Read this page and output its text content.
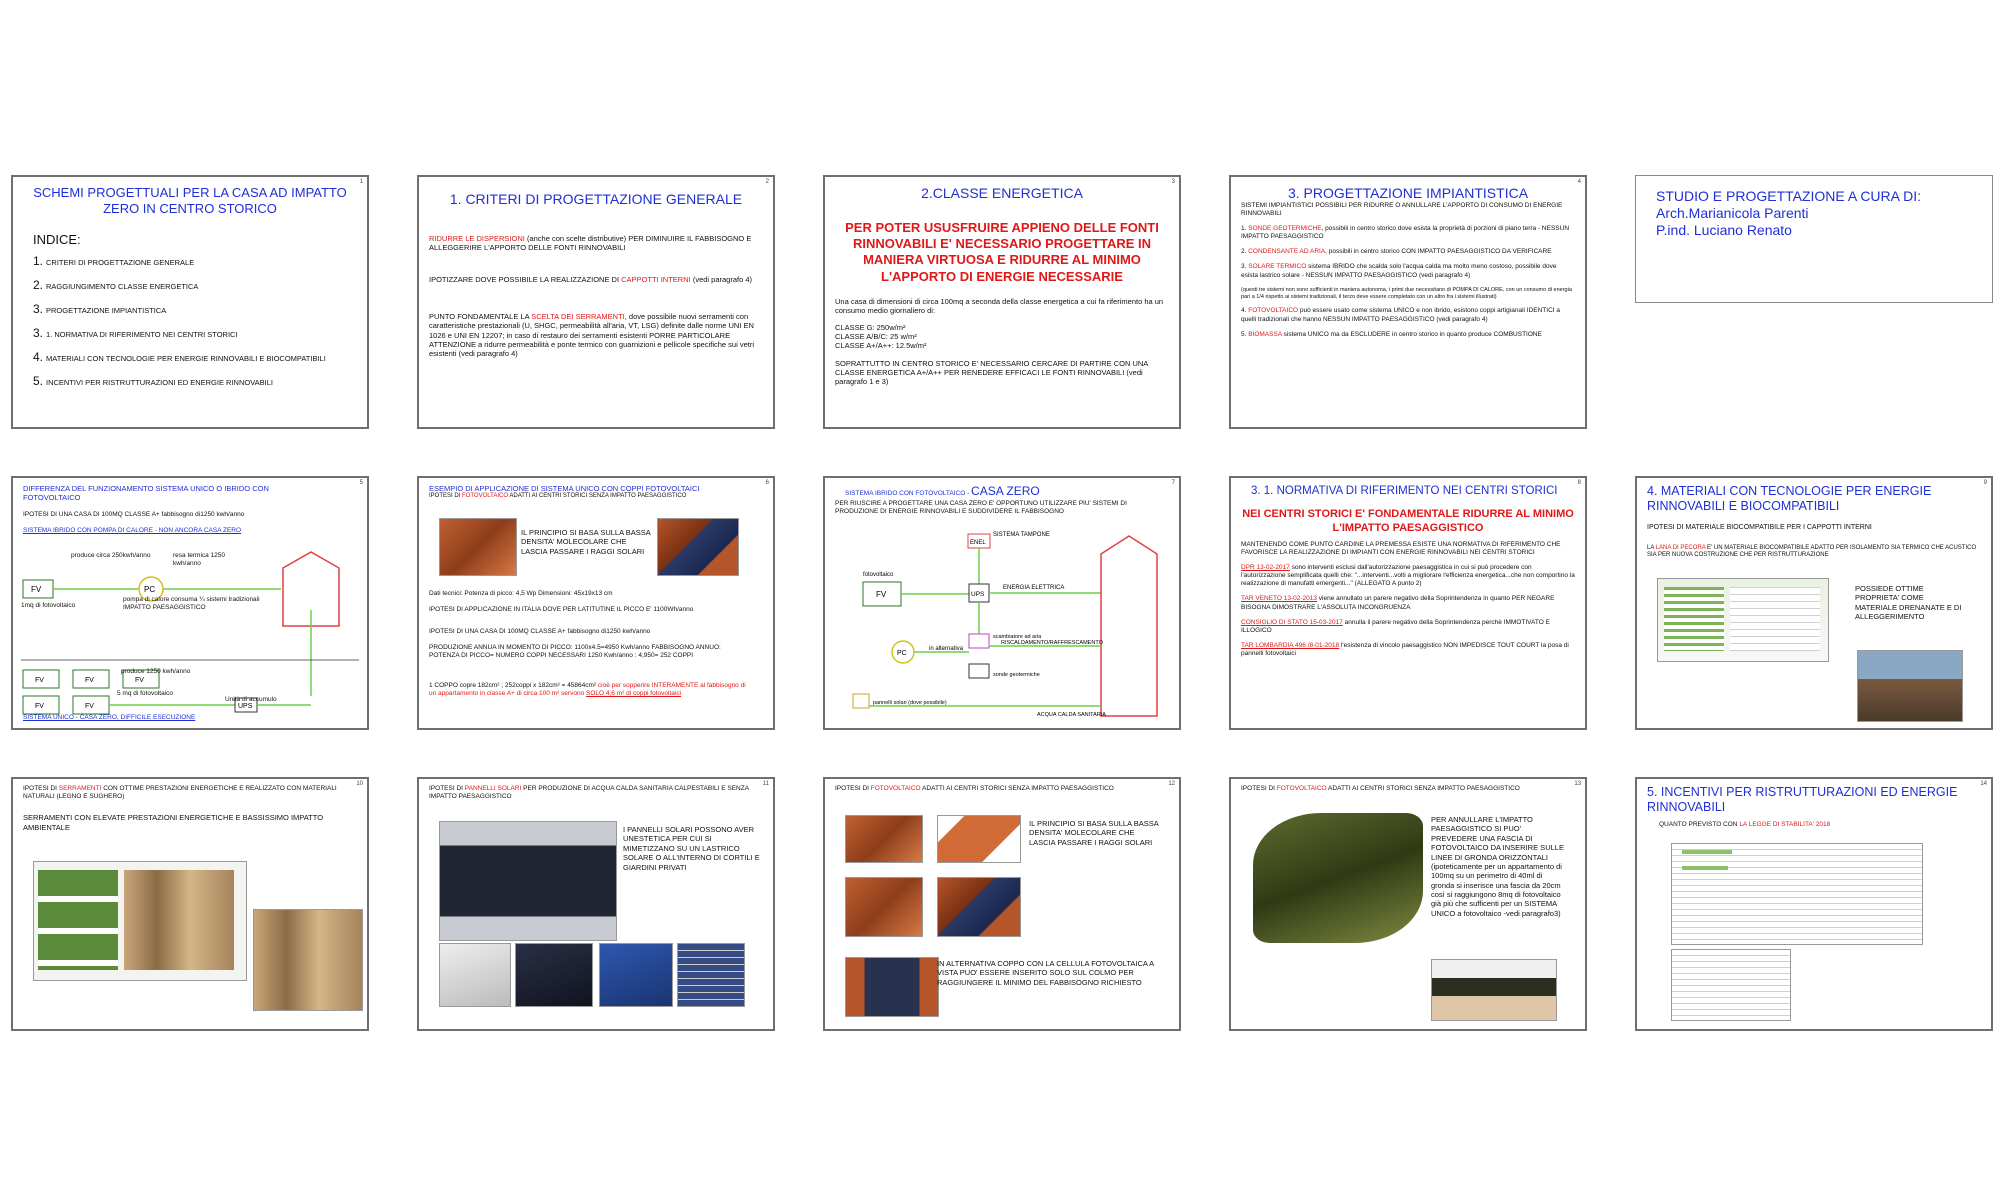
1
SCHEMI PROGETTUALI PER LA CASA AD IMPATTO ZERO IN CENTRO STORICO
INDICE:
1. CRITERI DI PROGETTAZIONE GENERALE
2. RAGGIUNGIMENTO CLASSE ENERGETICA
3. PROGETTAZIONE IMPIANTISTICA
3. 1. NORMATIVA DI RIFERIMENTO NEI CENTRI STORICI
4. MATERIALI CON TECNOLOGIE PER ENERGIE RINNOVABILI E BIOCOMPATIBILI
5. INCENTIVI PER RISTRUTTURAZIONI ED ENERGIE RINNOVABILI
2
1. CRITERI DI PROGETTAZIONE GENERALE

RIDURRE LE DISPERSIONI (anche con scelte distributive) PER DIMINUIRE IL FABBISOGNO E ALLEGGERIRE L'APPORTO DELLE FONTI RINNOVABILI

IPOTIZZARE DOVE POSSIBILE LA REALIZZAZIONE DI CAPPOTTI INTERNI (vedi paragrafo 4)

PUNTO FONDAMENTALE LA SCELTA DEI SERRAMENTI, dove possibile nuovi serramenti con caratteristiche prestazionali (U, SHGC, permeabilità all'aria, VT, LSG) definite dalle norme UNI EN 1026 e UNI EN 12207; in caso di restauro dei serramenti esistenti PORRE PARTICOLARE ATTENZIONE a ridurre permeabilità e ponte termico con guarnizioni e pellicole specifiche sui vetri esistenti (vedi paragrafo 4)

3
2.CLASSE ENERGETICA
PER POTER USUSFRUIRE APPIENO DELLE FONTI RINNOVABILI E' NECESSARIO PROGETTARE IN MANIERA VIRTUOSA E RIDURRE AL MINIMO L'APPORTO DI ENERGIE NECESSARIE

Una casa di dimensioni di circa 100mq a seconda della classe energetica a cui fa riferimento ha un consumo medio giornaliero di:

CLASSE G: 250w/m²
CLASSE A/B/C: 25 w/m²
CLASSE A+/A++: 12.5w/m²

SOPRATTUTTO IN CENTRO STORICO E' NECESSARIO CERCARE DI PARTIRE CON UNA CLASSE ENERGETICA A+/A++ PER RENEDERE EFFICACI LE FONTI RINNOVABILI (vedi paragrafo 1 e 3)

4
3. PROGETTAZIONE IMPIANTISTICA

SISTEMI IMPIANTISTICI POSSIBILI PER RIDURRE O ANNULLARE L'APPORTO DI CONSUMO DI ENERGIE RINNOVABILI

1. SONDE GEOTERMICHE, possibili in centro storico dove esista la proprietà di porzioni di piano terra - NESSUN IMPATTO PAESAGGISTICO

2. CONDENSANTE AD ARIA, possibili in centro storico CON IMPATTO PAESAGGISTICO DA VERIFICARE

3. SOLARE TERMICO sistema IBRIDO che scalda solo l'acqua calda ma molto meno costoso, possibile dove esista lastrico solare - NESSUN IMPATTO PAESAGGISTICO (vedi paragrafo 4)

(questi tre sistemi non sono sufficienti in maniera autonoma, i primi due necessitano di POMPA DI CALORE, con un consumo di energia pari a 1/4 rispetto ai sistemi tradizionali, il terzo deve essere completato con un altro fra i sistemi illustrati)

4. FOTOVOLTAICO può essere usato come sistema UNICO e non ibrido, esistono coppi artigianali IDENTICI a quelli tradizionali che hanno NESSUN IMPATTO PAESAGGISTICO (vedi paragrafo 4)

5. BIOMASSA sistema UNICO ma da ESCLUDERE in centro storico in quanto produce COMBUSTIONE

STUDIO E PROGETTAZIONE A CURA DI:
Arch.Marianicola Parenti
P.ind. Luciano Renato
5
DIFFERENZA DEL FUNZIONAMENTO SISTEMA UNICO O IBRIDO CON FOTOVOLTAICO
IPOTESI DI UNA CASA DI 100MQ CLASSE A+ fabbisogno di1250 kwh/anno
SISTEMA IBRIDO CON POMPA DI CALORE - NON ANCORA CASA ZERO
FV	PC
FV	FV	FV
FV	FV	UPS
produce circa 250kwh/anno	resa termica 1250 kwh/anno
1mq di fotovoltaico
pompa di calore consuma ¼ sistemi tradizionali IMPATTO PAESAGGISTICO
produce 1250 kwh/anno
5 mq di fotovoltaico
Unità di accumulo
SISTEMA UNICO - CASA ZERO, DIFFICILE ESECUZIONE
6
ESEMPIO DI APPLICAZIONE DI SISTEMA UNICO CON COPPI FOTOVOLTAICI
IPOTESI DI FOTOVOLTAICO ADATTI AI CENTRI STORICI SENZA IMPATTO PAESAGGISTICO
IL PRINCIPIO SI BASA SULLA BASSA DENSITA' MOLECOLARE CHE LASCIA PASSARE I RAGGI SOLARI
Dati tecnici: Potenza di picco: 4,5 Wp Dimensioni: 45x19x13 cm
IPOTESI DI APPLICAZIONE IN ITALIA DOVE PER LATITUTINE IL PICCO E' 1100Wh/anno
IPOTESI DI UNA CASA DI 100MQ CLASSE A+ fabbisogno di1250 kwh/anno
PRODUZIONE ANNUA IN MOMENTO DI PICCO: 1100x4.5=4950 Kwh/anno FABBISOGNO ANNUO: POTENZA DI PICCO= NUMERO COPPI NECESSARI 1250 Kwh/anno : 4,950= 252 COPPI
1 COPPO copre 182cm² ; 252coppi x 182cm² = 45864cm² cioè per sopperire INTERAMENTE al fabbisogno di un appartamento in classe A+ di circa 100 m² servono SOLO 4,6 m² di coppi fotovoltaici
7
SISTEMA IBRIDO CON FOTOVOLTAICO - CASA ZERO
PER RIUSCIRE A PROGETTARE UNA CASA ZERO E' OPPORTUNO UTILIZZARE PIU' SISTEMI DI PRODUZIONE DI ENERGIE RINNOVABILI E SUDDIVIDERE IL FABBISOGNO
ENEL
SISTEMA TAMPONE
fotovoltaico
FV	UPS
ENERGIA ELETTRICA
scambiatore ad aria
PC
in alternativa
RISCALDAMENTO/RAFFRESCAMENTO
sonde geotermiche
pannelli solari (dove possibile)
ACQUA CALDA SANITARIA
8
3. 1. NORMATIVA DI RIFERIMENTO NEI CENTRI STORICI
NEI CENTRI STORICI E' FONDAMENTALE RIDURRE AL MINIMO L'IMPATTO PAESAGGISTICO

MANTENENDO COME PUNTO CARDINE LA PREMESSA ESISTE UNA NORMATIVA DI RIFERIMENTO CHE FAVORISCE LA REALIZZAZIONE DI IMPIANTI CON ENERGIE RINNOVABILI NEI CENTRI STORICI

DPR 13-02-2017 sono interventi esclusi dall'autorizzazione paesaggistica in cui si può procedere con l'autorizzazione semplificata quelli che: "...interventi...volti a migliorare l'efficienza energetica...che non comportino la realizzazione di manufatti emergenti..." (ALLEGATO A punto 2)

TAR VENETO 13-02-2013 viene annullato un parere negativo della Soprintendenza in quanto PER NEGARE BISOGNA DIMOSTRARE L'ASSOLUTA INCONGRUENZA

CONSIGLIO DI STATO 15-03-2017 annulla il parere negativo della Soprintendenza perchè IMMOTIVATO E ILLOGICO

TAR LOMBARDIA 496 /8-01-2018 l'esistenza di vincolo paesaggistico NON IMPEDISCE TOUT COURT la posa di pannelli fotovoltaici

9
4. MATERIALI CON TECNOLOGIE PER ENERGIE RINNOVABILI E BIOCOMPATIBILI
IPOTESI DI MATERIALE BIOCOMPATIBILE PER I CAPPOTTI INTERNI
LA LANA DI PECORA E' UN MATERIALE BIOCOMPATIBILE ADATTO PER ISOLAMENTO SIA TERMICO CHE ACUSTICO SIA PER NUOVA COSTRUZIONE CHE PER RISTRUTTURAZIONE
POSSIEDE OTTIME PROPRIETA' COME MATERIALE DRENANATE E DI ALLEGGERIMENTO
10
IPOTESI DI SERRAMENTI CON OTTIME PRESTAZIONI ENERGETICHE E REALIZZATO CON MATERIALI NATURALI (LEGNO E SUGHERO)
SERRAMENTI CON ELEVATE PRESTAZIONI ENERGETICHE E BASSISSIMO IMPATTO AMBIENTALE
11
IPOTESI DI PANNELLI SOLARI PER PRODUZIONE DI ACQUA CALDA SANITARIA CALPESTABILI E SENZA IMPATTO PAESAGGISTICO
I PANNELLI SOLARI POSSONO AVER UNESTETICA PER CUI SI MIMETIZZANO SU UN LASTRICO SOLARE O ALL'INTERNO DI CORTILI E GIARDINI PRIVATI
12
IPOTESI DI FOTOVOLTAICO ADATTI AI CENTRI STORICI SENZA IMPATTO PAESAGGISTICO
IL PRINCIPIO SI BASA SULLA BASSA DENSITA' MOLECOLARE CHE LASCIA PASSARE I RAGGI SOLARI
IN ALTERNATIVA COPPO CON LA CELLULA FOTOVOLTAICA A VISTA PUO' ESSERE INSERITO SOLO SUL COLMO PER RAGGIUNGERE IL MINIMO DEL FABBISOGNO RICHIESTO
13
IPOTESI DI FOTOVOLTAICO ADATTI AI CENTRI STORICI SENZA IMPATTO PAESAGGISTICO
PER ANNULLARE L'IMPATTO PAESAGGISTICO SI PUO' PREVEDERE UNA FASCIA DI FOTOVOLTAICO DA INSERIRE SULLE LINEE DI GRONDA ORIZZONTALI (ipoteticamente per un appartamento di 100mq su un perimetro di 40ml di gronda si inserisce una fascia da 20cm così si raggiungono 8mq di fotovoltaico già più che sufficenti per un SISTEMA UNICO a fotovoltaico -vedi paragrafo3)
14
5. INCENTIVI PER RISTRUTTURAZIONI ED ENERGIE RINNOVABILI
QUANTO PREVISTO CON LA LEGGE DI STABILITA' 2018
